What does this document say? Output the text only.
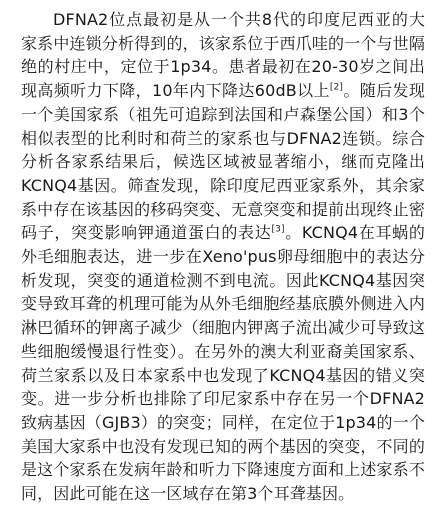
DFNA2位点最初是从一个共8代的印度尼西亚的大家系中连锁分析得到的，该家系位于西爪哇的一个与世隔绝的村庄中，定位于1p34。患者最初在20-30岁之间出现高频听力下降，10年内下降达60dB以上[2]。随后发现一个美国家系（祖先可追踪到法国和卢森堡公国）和3个相似表型的比利时和荷兰的家系也与DFNA2连锁。综合分析各家系结果后，候选区域被显著缩小，继而克隆出KCNQ4基因。筛查发现，除印度尼西亚家系外，其余家系中存在该基因的移码突变、无意突变和提前出现终止密码子，突变影响钾通道蛋白的表达[3]。KCNQ4在耳蜗的外毛细胞表达，进一步在Xeno'pus卵母细胞中的表达分析发现，突变的通道检测不到电流。因此KCNQ4基因突变导致耳聋的机理可能为从外毛细胞经基底膜外侧进入内淋巴循环的钾离子减少（细胞内钾离子流出减少可导致这些细胞缓慢退行性变）。在另外的澳大利亚裔美国家系、荷兰家系以及日本家系中也发现了KCNQ4基因的错义突变。进一步分析也排除了印尼家系中存在另一个DFNA2致病基因（GJB3）的突变；同样，在定位于1p34的一个美国大家系中也没有发现已知的两个基因的突变，不同的是这个家系在发病年龄和听力下降速度方面和上述家系不同，因此可能在这一区域存在第3个耳聋基因。
